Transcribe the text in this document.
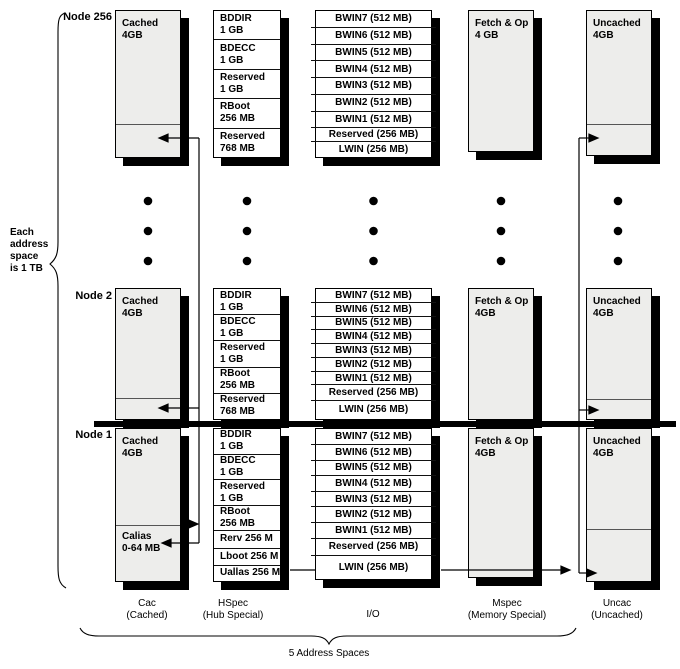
Each
address
space
is 1 TB
Node 256
Node 2
Node 1
Cached
4GB
BDDIR
1 GB
BDECC
1 GB
Reserved
1 GB
RBoot
256 MB
Reserved
768 MB
BWIN7 (512 MB)
BWIN6 (512 MB)
BWIN5 (512 MB)
BWIN4 (512 MB)
BWIN3 (512 MB)
BWIN2 (512 MB)
BWIN1 (512 MB)
Reserved (256 MB)
LWIN (256 MB)
Fetch & Op
4 GB
Uncached
4GB
Cached
4GB
BDDIR
1 GB
BDECC
1 GB
Reserved
1 GB
RBoot
256 MB
Reserved
768 MB
BWIN7 (512 MB)
BWIN6 (512 MB)
BWIN5 (512 MB)
BWIN4 (512 MB)
BWIN3 (512 MB)
BWIN2 (512 MB)
BWIN1 (512 MB)
Reserved (256 MB)
LWIN (256 MB)
Fetch & Op
4GB
Uncached
4GB
Cached
4GB
Calias
0-64 MB
BDDIR
1 GB
BDECC
1 GB
Reserved
1 GB
RBoot
256 MB
Rerv 256 M
Lboot 256 M
Uallas 256 M
BWIN7 (512 MB)
BWIN6 (512 MB)
BWIN5 (512 MB)
BWIN4 (512 MB)
BWIN3 (512 MB)
BWIN2 (512 MB)
BWIN1 (512 MB)
Reserved (256 MB)
LWIN (256 MB)
Fetch & Op
4GB
Uncached
4GB
Cac
(Cached)
HSpec
(Hub Special)	I/O
Mspec
(Memory Special)
Uncac
(Uncached)
5 Address Spaces
